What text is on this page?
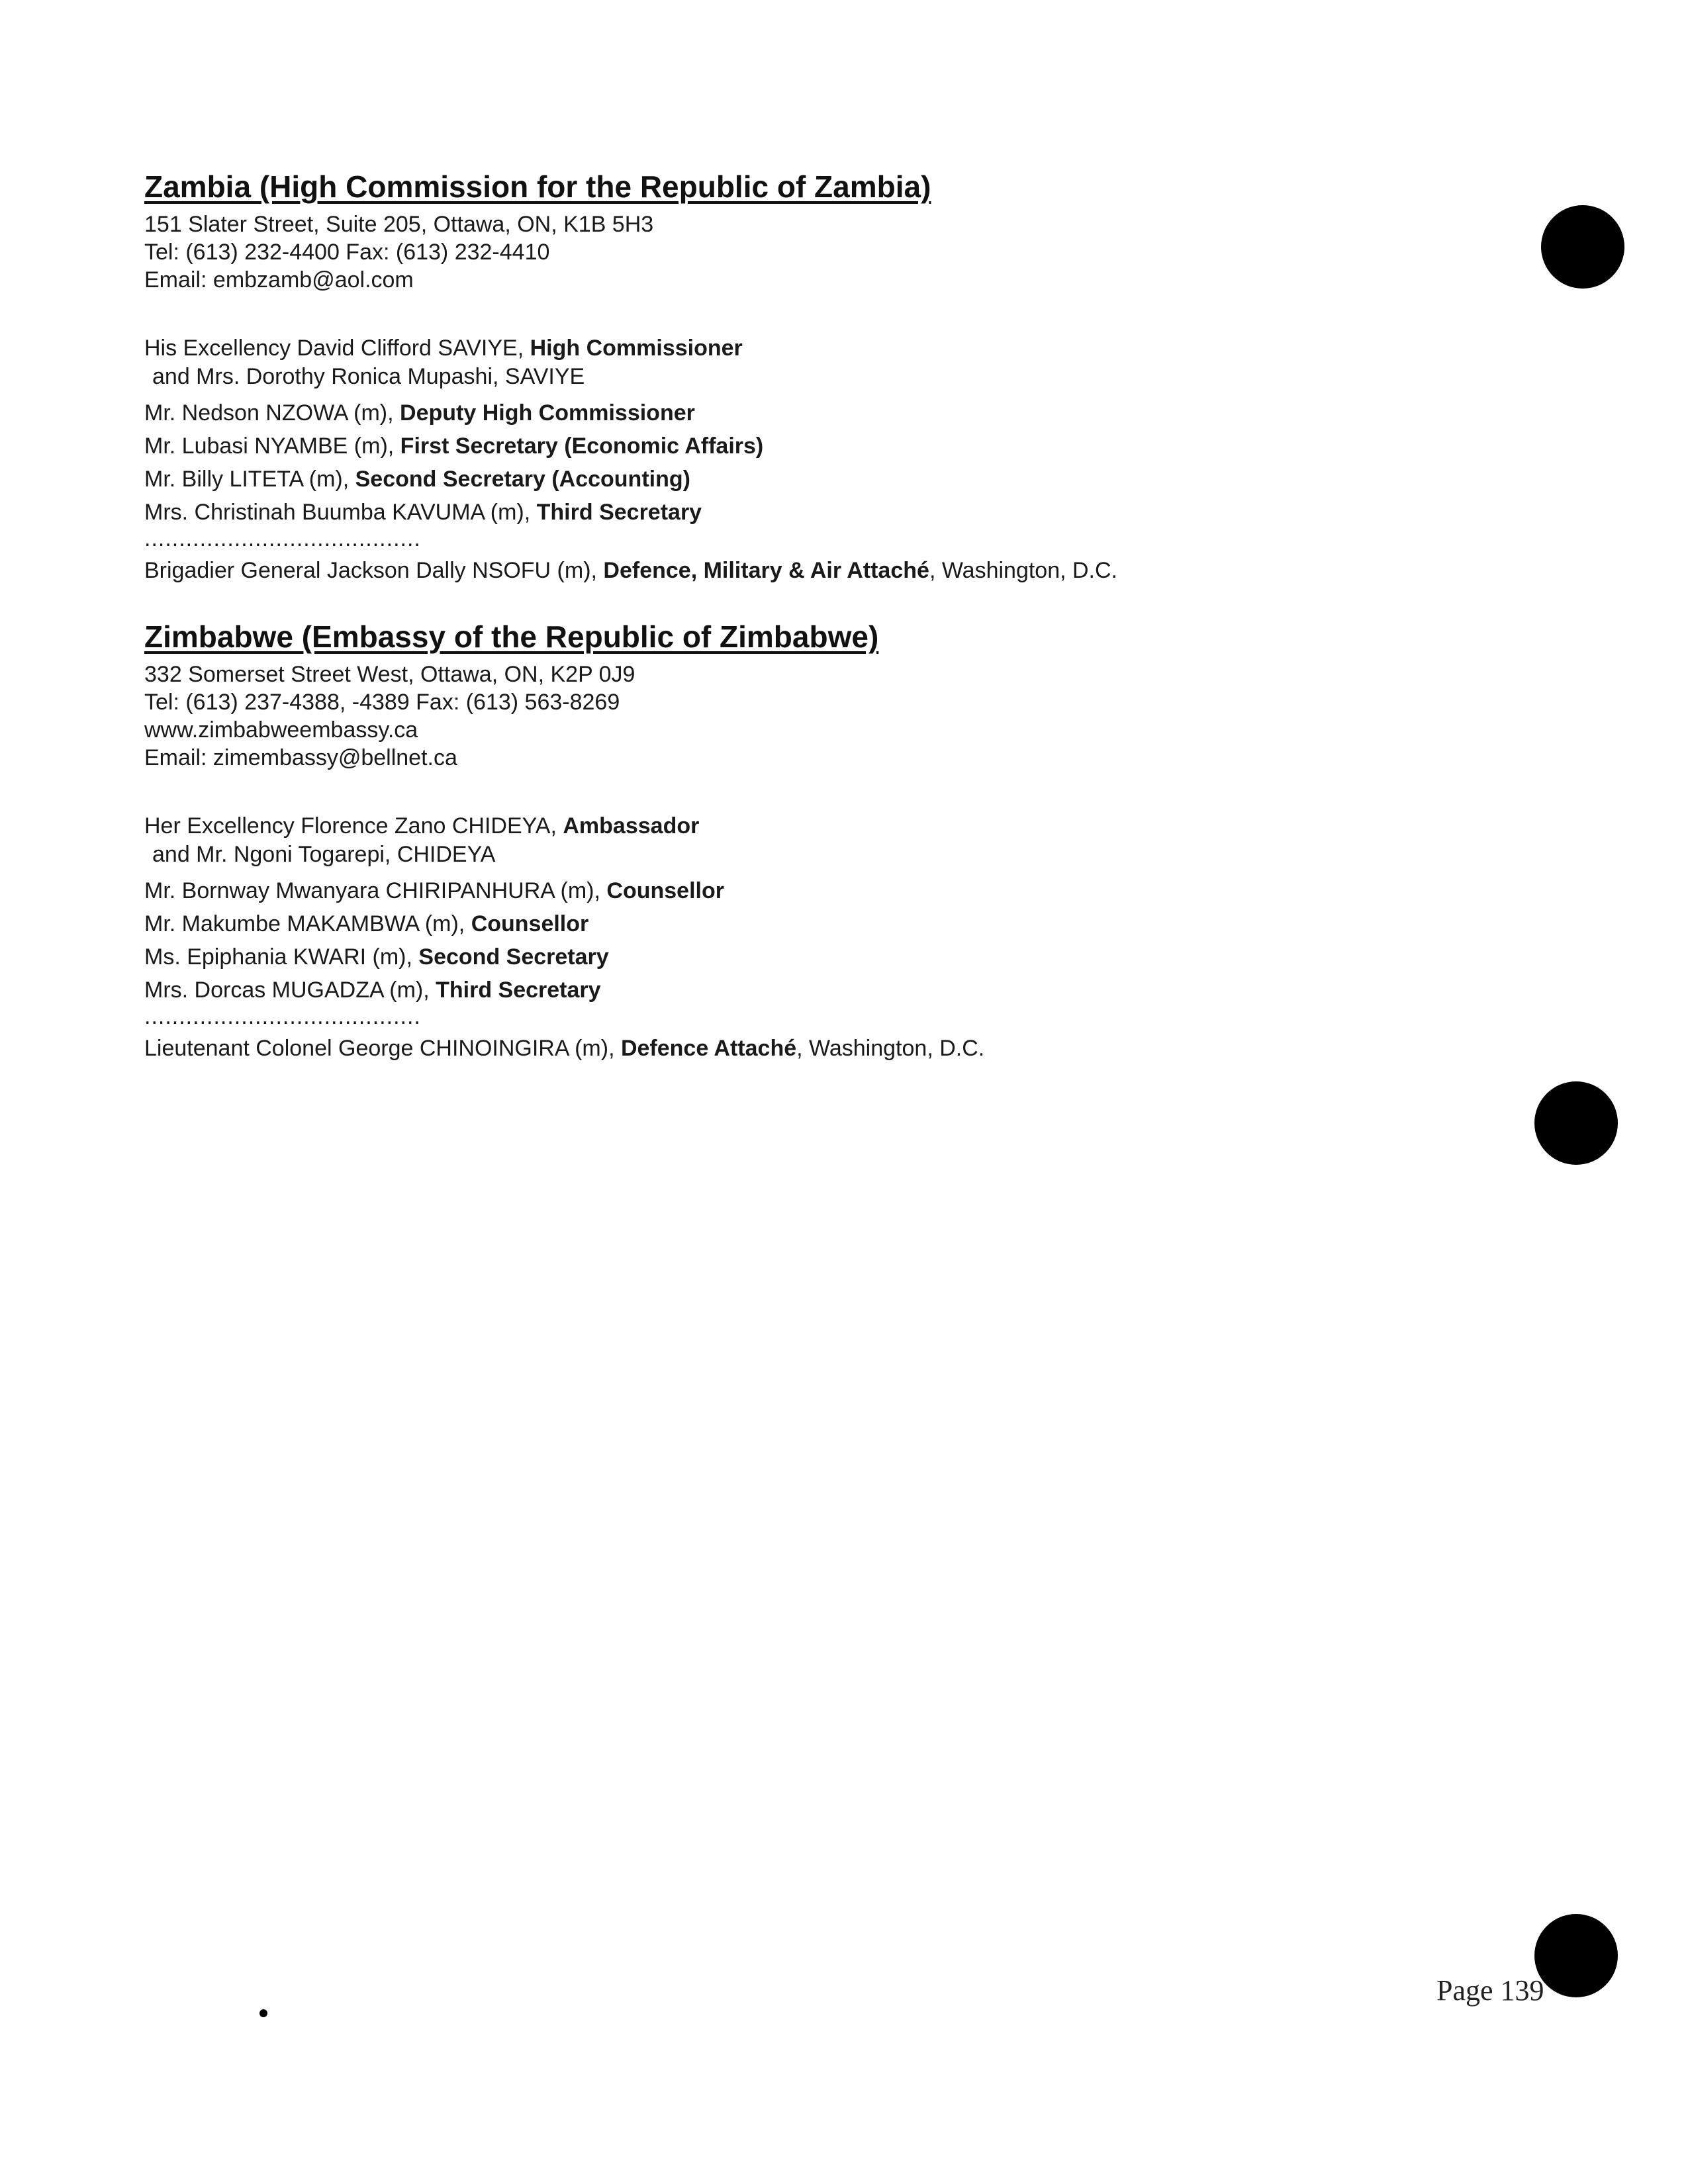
Zambia (High Commission for the Republic of Zambia)

151 Slater Street, Suite 205, Ottawa, ON, K1B 5H3

Tel: (613) 232-4400 Fax: (613) 232-4410

Email: embzamb@aol.com

His Excellency David Clifford SAVIYE, High Commissioner

and Mrs. Dorothy Ronica Mupashi, SAVIYE

Mr. Nedson NZOWA (m), Deputy High Commissioner

Mr. Lubasi NYAMBE (m), First Secretary (Economic Affairs)

Mr. Billy LITETA (m), Second Secretary (Accounting)

Mrs. Christinah Buumba KAVUMA (m), Third Secretary

........................................

Brigadier General Jackson Dally NSOFU (m), Defence, Military & Air Attaché, Washington, D.C.

Zimbabwe (Embassy of the Republic of Zimbabwe)

332 Somerset Street West, Ottawa, ON, K2P 0J9

Tel: (613) 237-4388, -4389 Fax: (613) 563-8269

www.zimbabweembassy.ca

Email: zimembassy@bellnet.ca

Her Excellency Florence Zano CHIDEYA, Ambassador

and Mr. Ngoni Togarepi, CHIDEYA

Mr. Bornway Mwanyara CHIRIPANHURA (m), Counsellor

Mr. Makumbe MAKAMBWA (m), Counsellor

Ms. Epiphania KWARI (m), Second Secretary

Mrs. Dorcas MUGADZA (m), Third Secretary

........................................

Lieutenant Colonel George CHINOINGIRA (m), Defence Attaché, Washington, D.C.

Page 139
